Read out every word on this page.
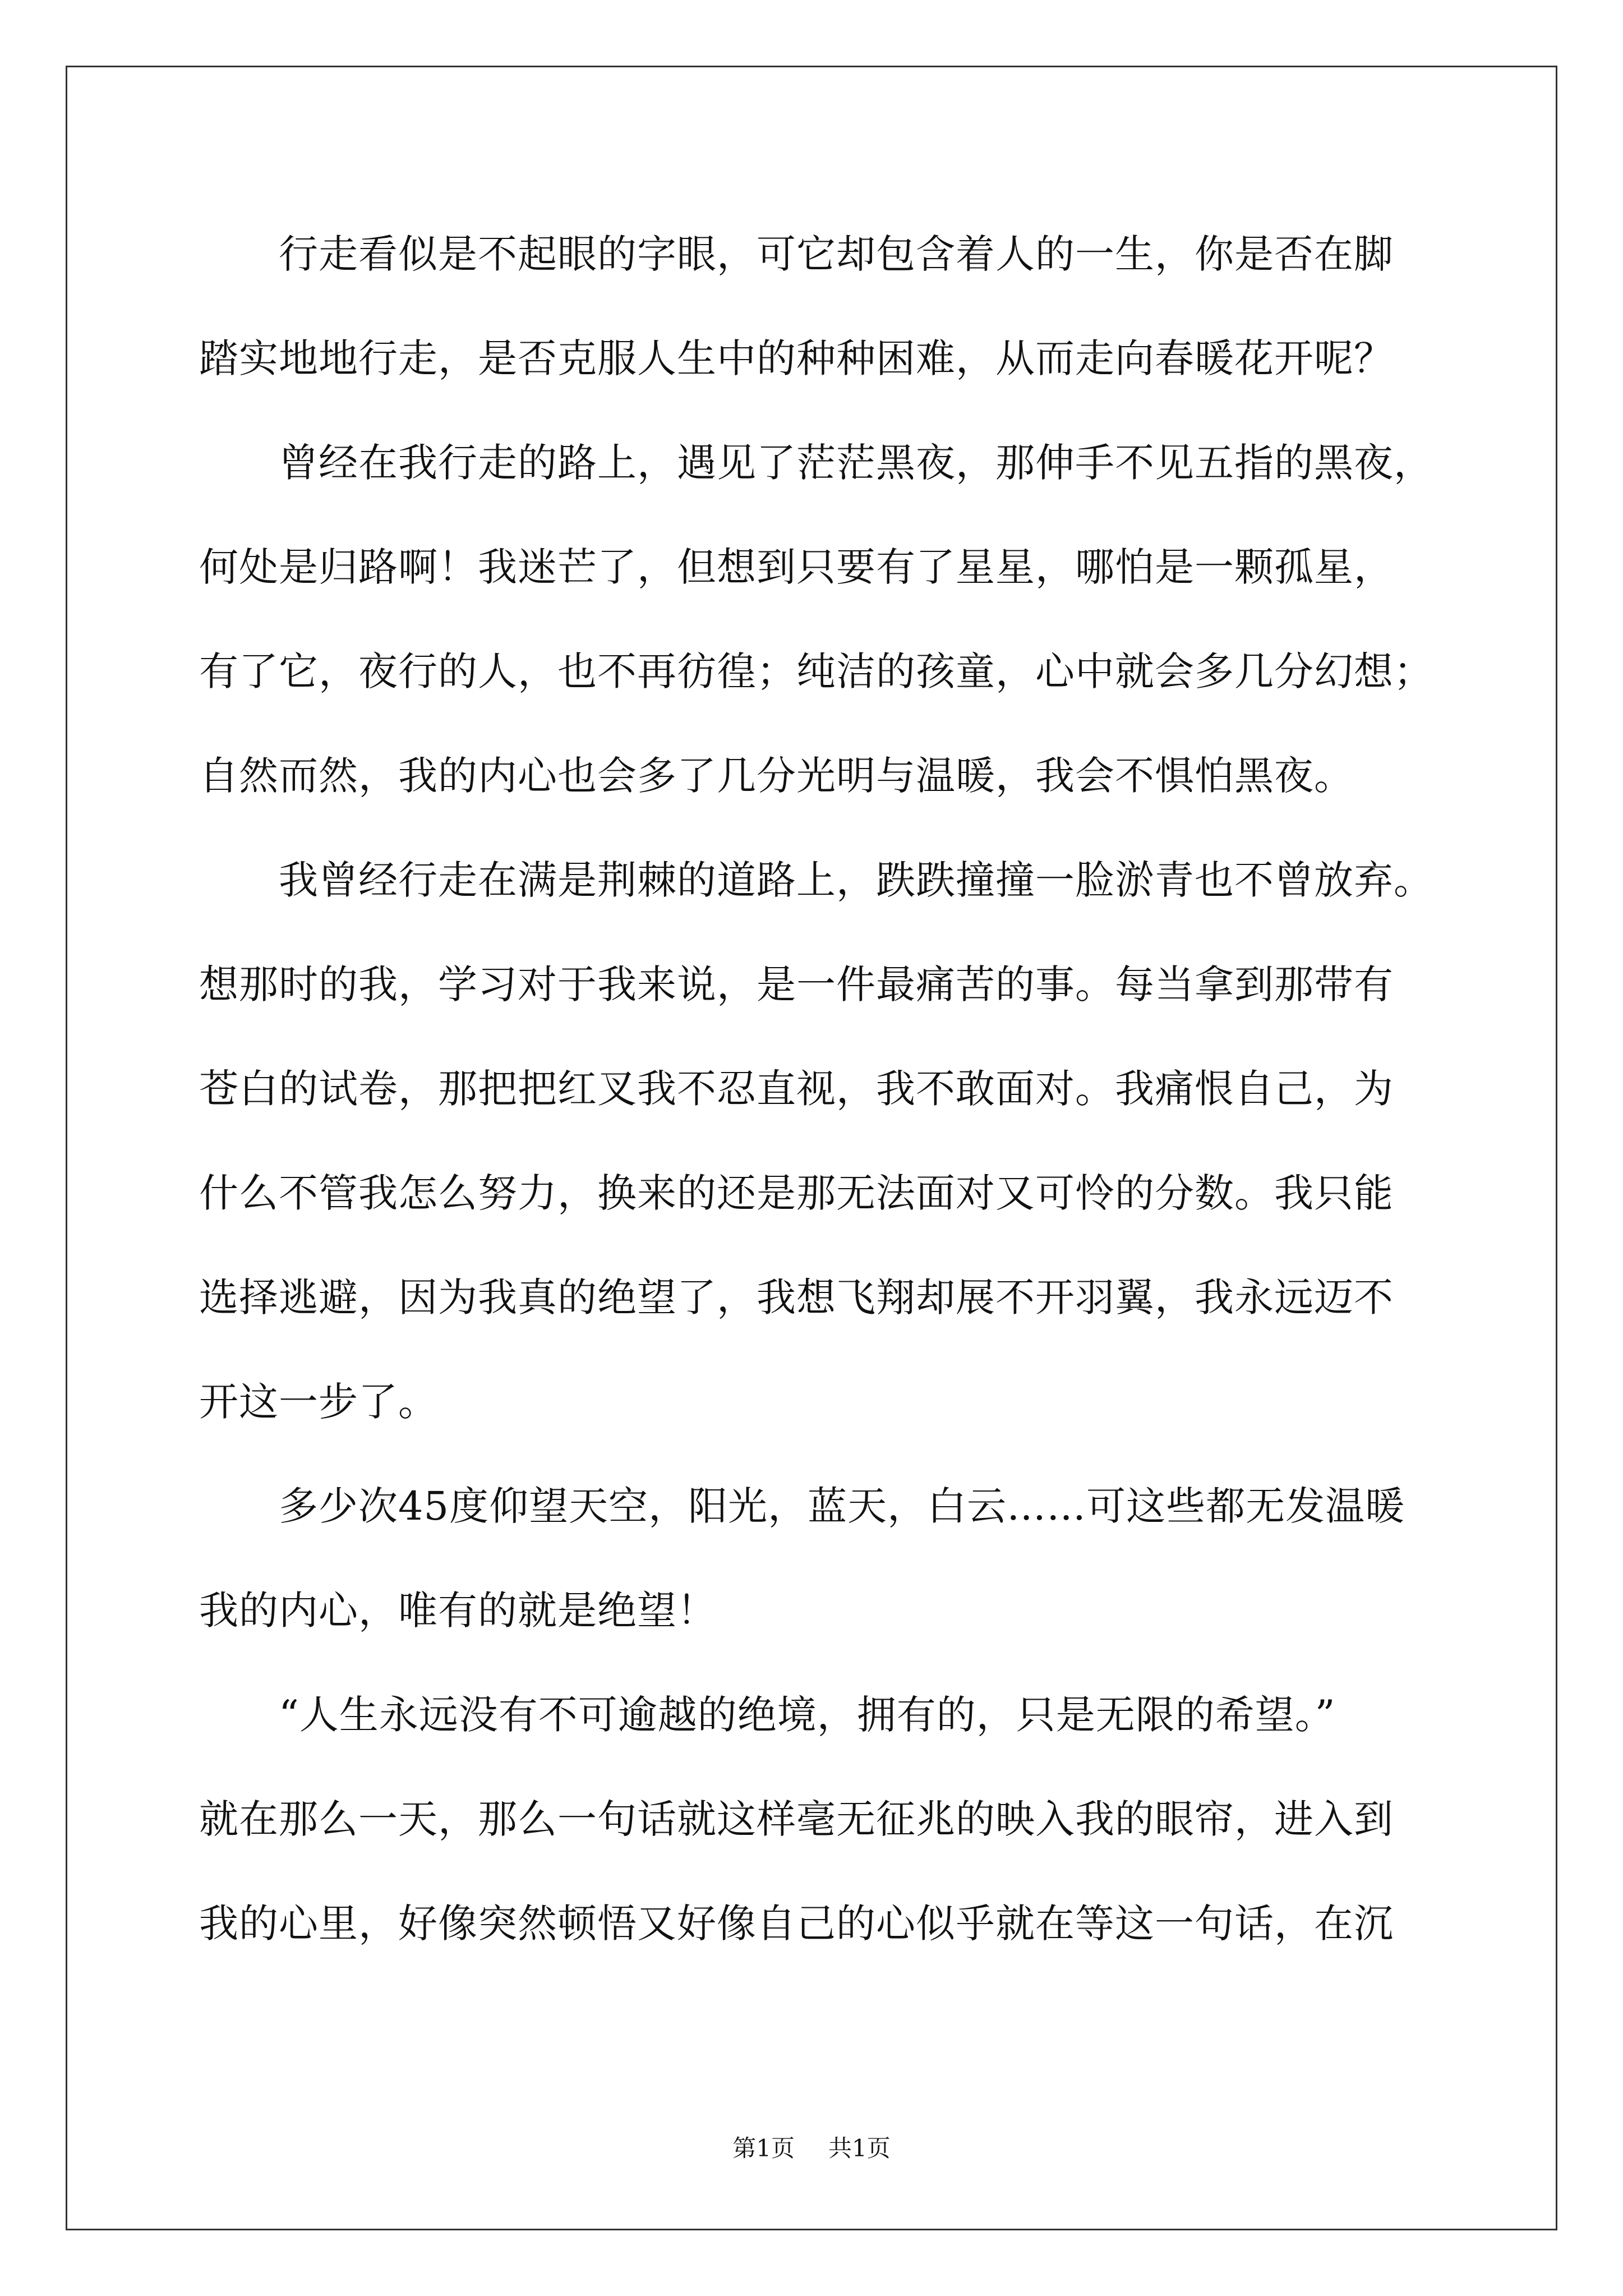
　　行走看似是不起眼的字眼，可它却包含着人的一生，你是否在脚
踏实地地行走，是否克服人生中的种种困难，从而走向春暖花开呢？
　　曾经在我行走的路上，遇见了茫茫黑夜，那伸手不见五指的黑夜，
何处是归路啊！我迷芒了，但想到只要有了星星，哪怕是一颗孤星，
有了它，夜行的人，也不再彷徨；纯洁的孩童，心中就会多几分幻想；
自然而然，我的内心也会多了几分光明与温暖，我会不惧怕黑夜。
　　我曾经行走在满是荆棘的道路上，跌跌撞撞一脸淤青也不曾放弃。
想那时的我，学习对于我来说，是一件最痛苦的事。每当拿到那带有
苍白的试卷，那把把红叉我不忍直视，我不敢面对。我痛恨自己，为
什么不管我怎么努力，换来的还是那无法面对又可怜的分数。我只能
选择逃避，因为我真的绝望了，我想飞翔却展不开羽翼，我永远迈不
开这一步了。
　　多少次45度仰望天空，阳光，蓝天，白云……可这些都无发温暖
我的内心，唯有的就是绝望！
　　“人生永远没有不可逾越的绝境，拥有的，只是无限的希望。”
就在那么一天，那么一句话就这样毫无征兆的映入我的眼帘，进入到
我的心里，好像突然顿悟又好像自己的心似乎就在等这一句话，在沉
第1页 共1页
